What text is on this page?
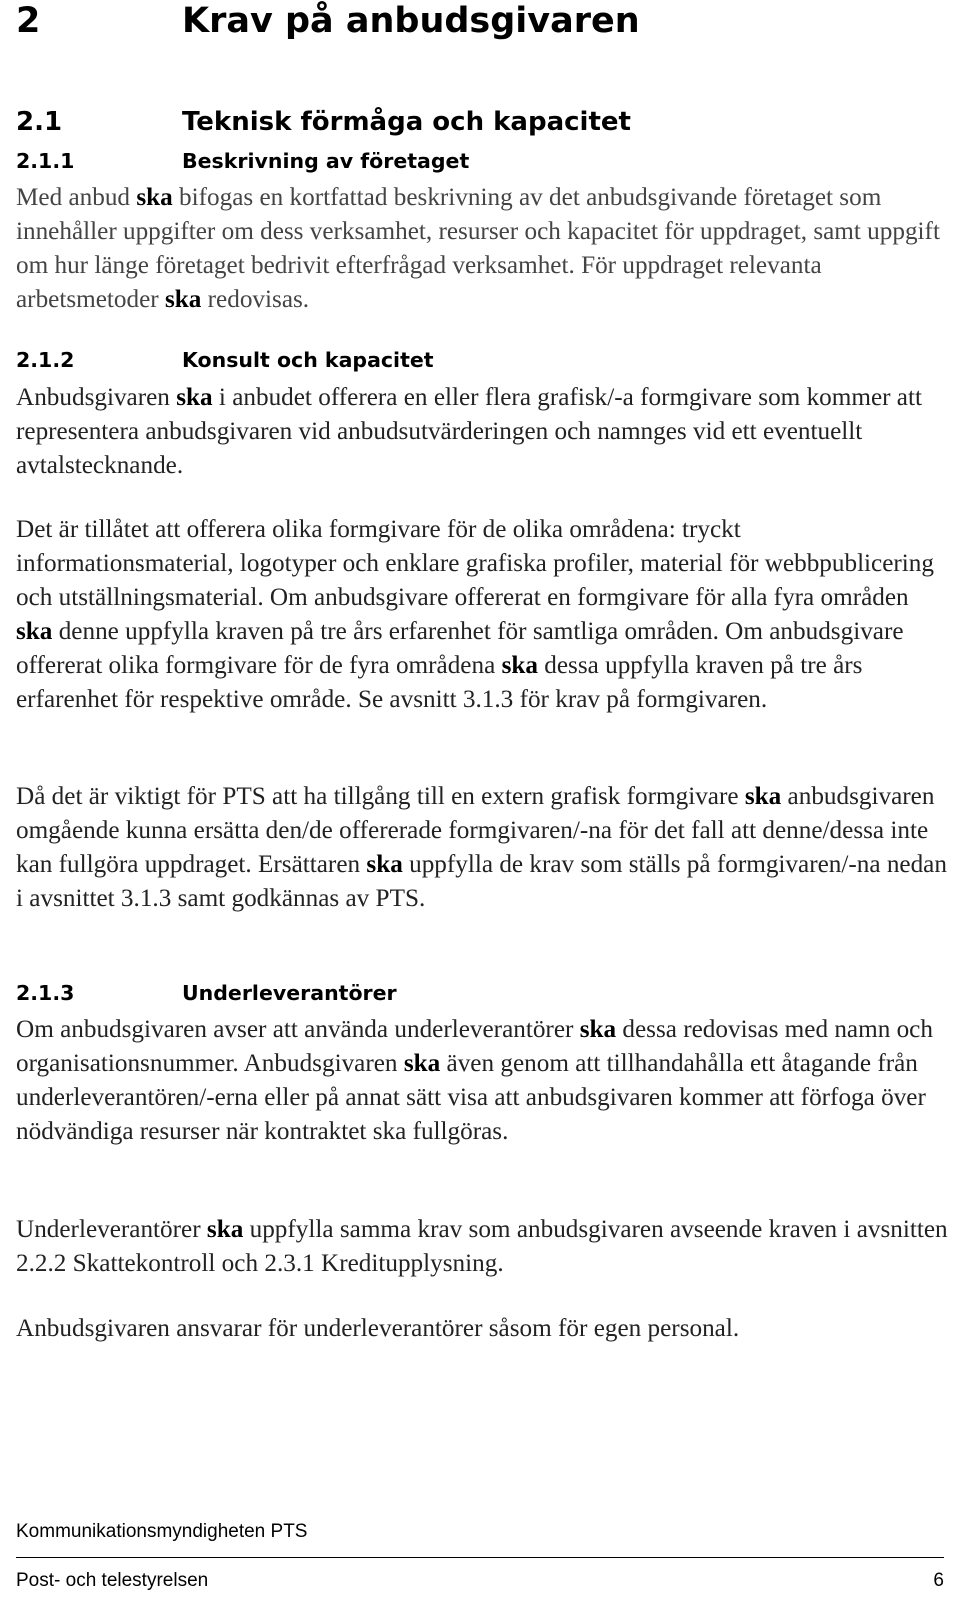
2	Krav på anbudsgivaren
2.1	Teknisk förmåga och kapacitet
2.1.1	Beskrivning av företaget

Med anbud ska bifogas en kortfattad beskrivning av det anbudsgivande företaget som innehåller uppgifter om dess verksamhet, resurser och kapacitet för uppdraget, samt uppgift om hur länge företaget bedrivit efterfrågad verksamhet. För uppdraget relevanta arbetsmetoder ska redovisas.

2.1.2	Konsult och kapacitet

Anbudsgivaren ska i anbudet offerera en eller flera grafisk/-a formgivare som kommer att representera anbudsgivaren vid anbudsutvärderingen och namnges vid ett eventuellt avtalstecknande.

Det är tillåtet att offerera olika formgivare för de olika områdena: tryckt informationsmaterial, logotyper och enklare grafiska profiler, material för webbpublicering och utställningsmaterial. Om anbudsgivare offererat en formgivare för alla fyra områden ska denne uppfylla kraven på tre års erfarenhet för samtliga områden. Om anbudsgivare offererat olika formgivare för de fyra områdena ska dessa uppfylla kraven på tre års erfarenhet för respektive område. Se avsnitt 3.1.3 för krav på formgivaren.

Då det är viktigt för PTS att ha tillgång till en extern grafisk formgivare ska anbudsgivaren omgående kunna ersätta den/de offererade formgivaren/-na för det fall att denne/dessa inte kan fullgöra uppdraget. Ersättaren ska uppfylla de krav som ställs på formgivaren/-na nedan i avsnittet 3.1.3 samt godkännas av PTS.

2.1.3	Underleverantörer

Om anbudsgivaren avser att använda underleverantörer ska dessa redovisas med namn och organisationsnummer. Anbudsgivaren ska även genom att tillhandahålla ett åtagande från underleverantören/-erna eller på annat sätt visa att anbudsgivaren kommer att förfoga över nödvändiga resurser när kontraktet ska fullgöras.

Underleverantörer ska uppfylla samma krav som anbudsgivaren avseende kraven i avsnitten 2.2.2 Skattekontroll och 2.3.1 Kreditupplysning.

Anbudsgivaren ansvarar för underleverantörer såsom för egen personal.

Kommunikationsmyndigheten PTS
Post- och telestyrelsen	6
